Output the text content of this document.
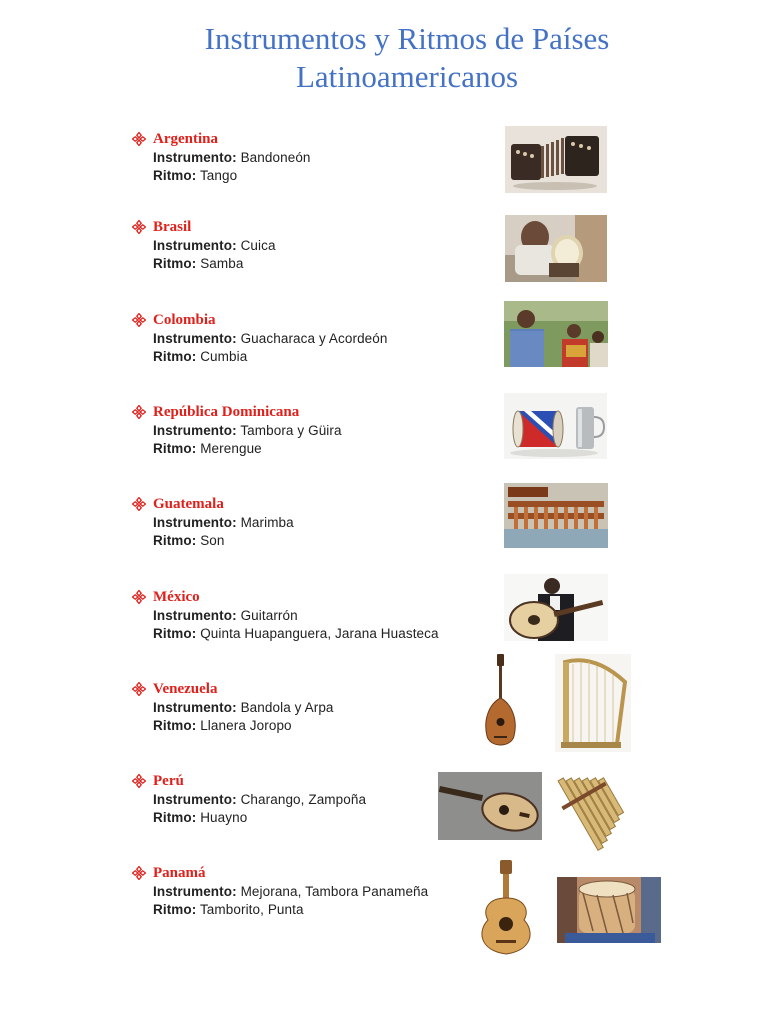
Instrumentos y Ritmos de Países
Latinoamericanos
Argentina
Instrumento: Bandoneón
Ritmo: Tango
Brasil
Instrumento: Cuica
Ritmo: Samba
Colombia
Instrumento: Guacharaca y Acordeón
Ritmo: Cumbia
República Dominicana
Instrumento: Tambora y Güira
Ritmo: Merengue
Guatemala
Instrumento: Marimba
Ritmo: Son
México
Instrumento: Guitarrón
Ritmo: Quinta Huapanguera, Jarana Huasteca
Venezuela
Instrumento: Bandola y Arpa
Ritmo: Llanera Joropo
Perú
Instrumento: Charango, Zampoña
Ritmo: Huayno
Panamá
Instrumento: Mejorana, Tambora Panameña
Ritmo: Tamborito, Punta
